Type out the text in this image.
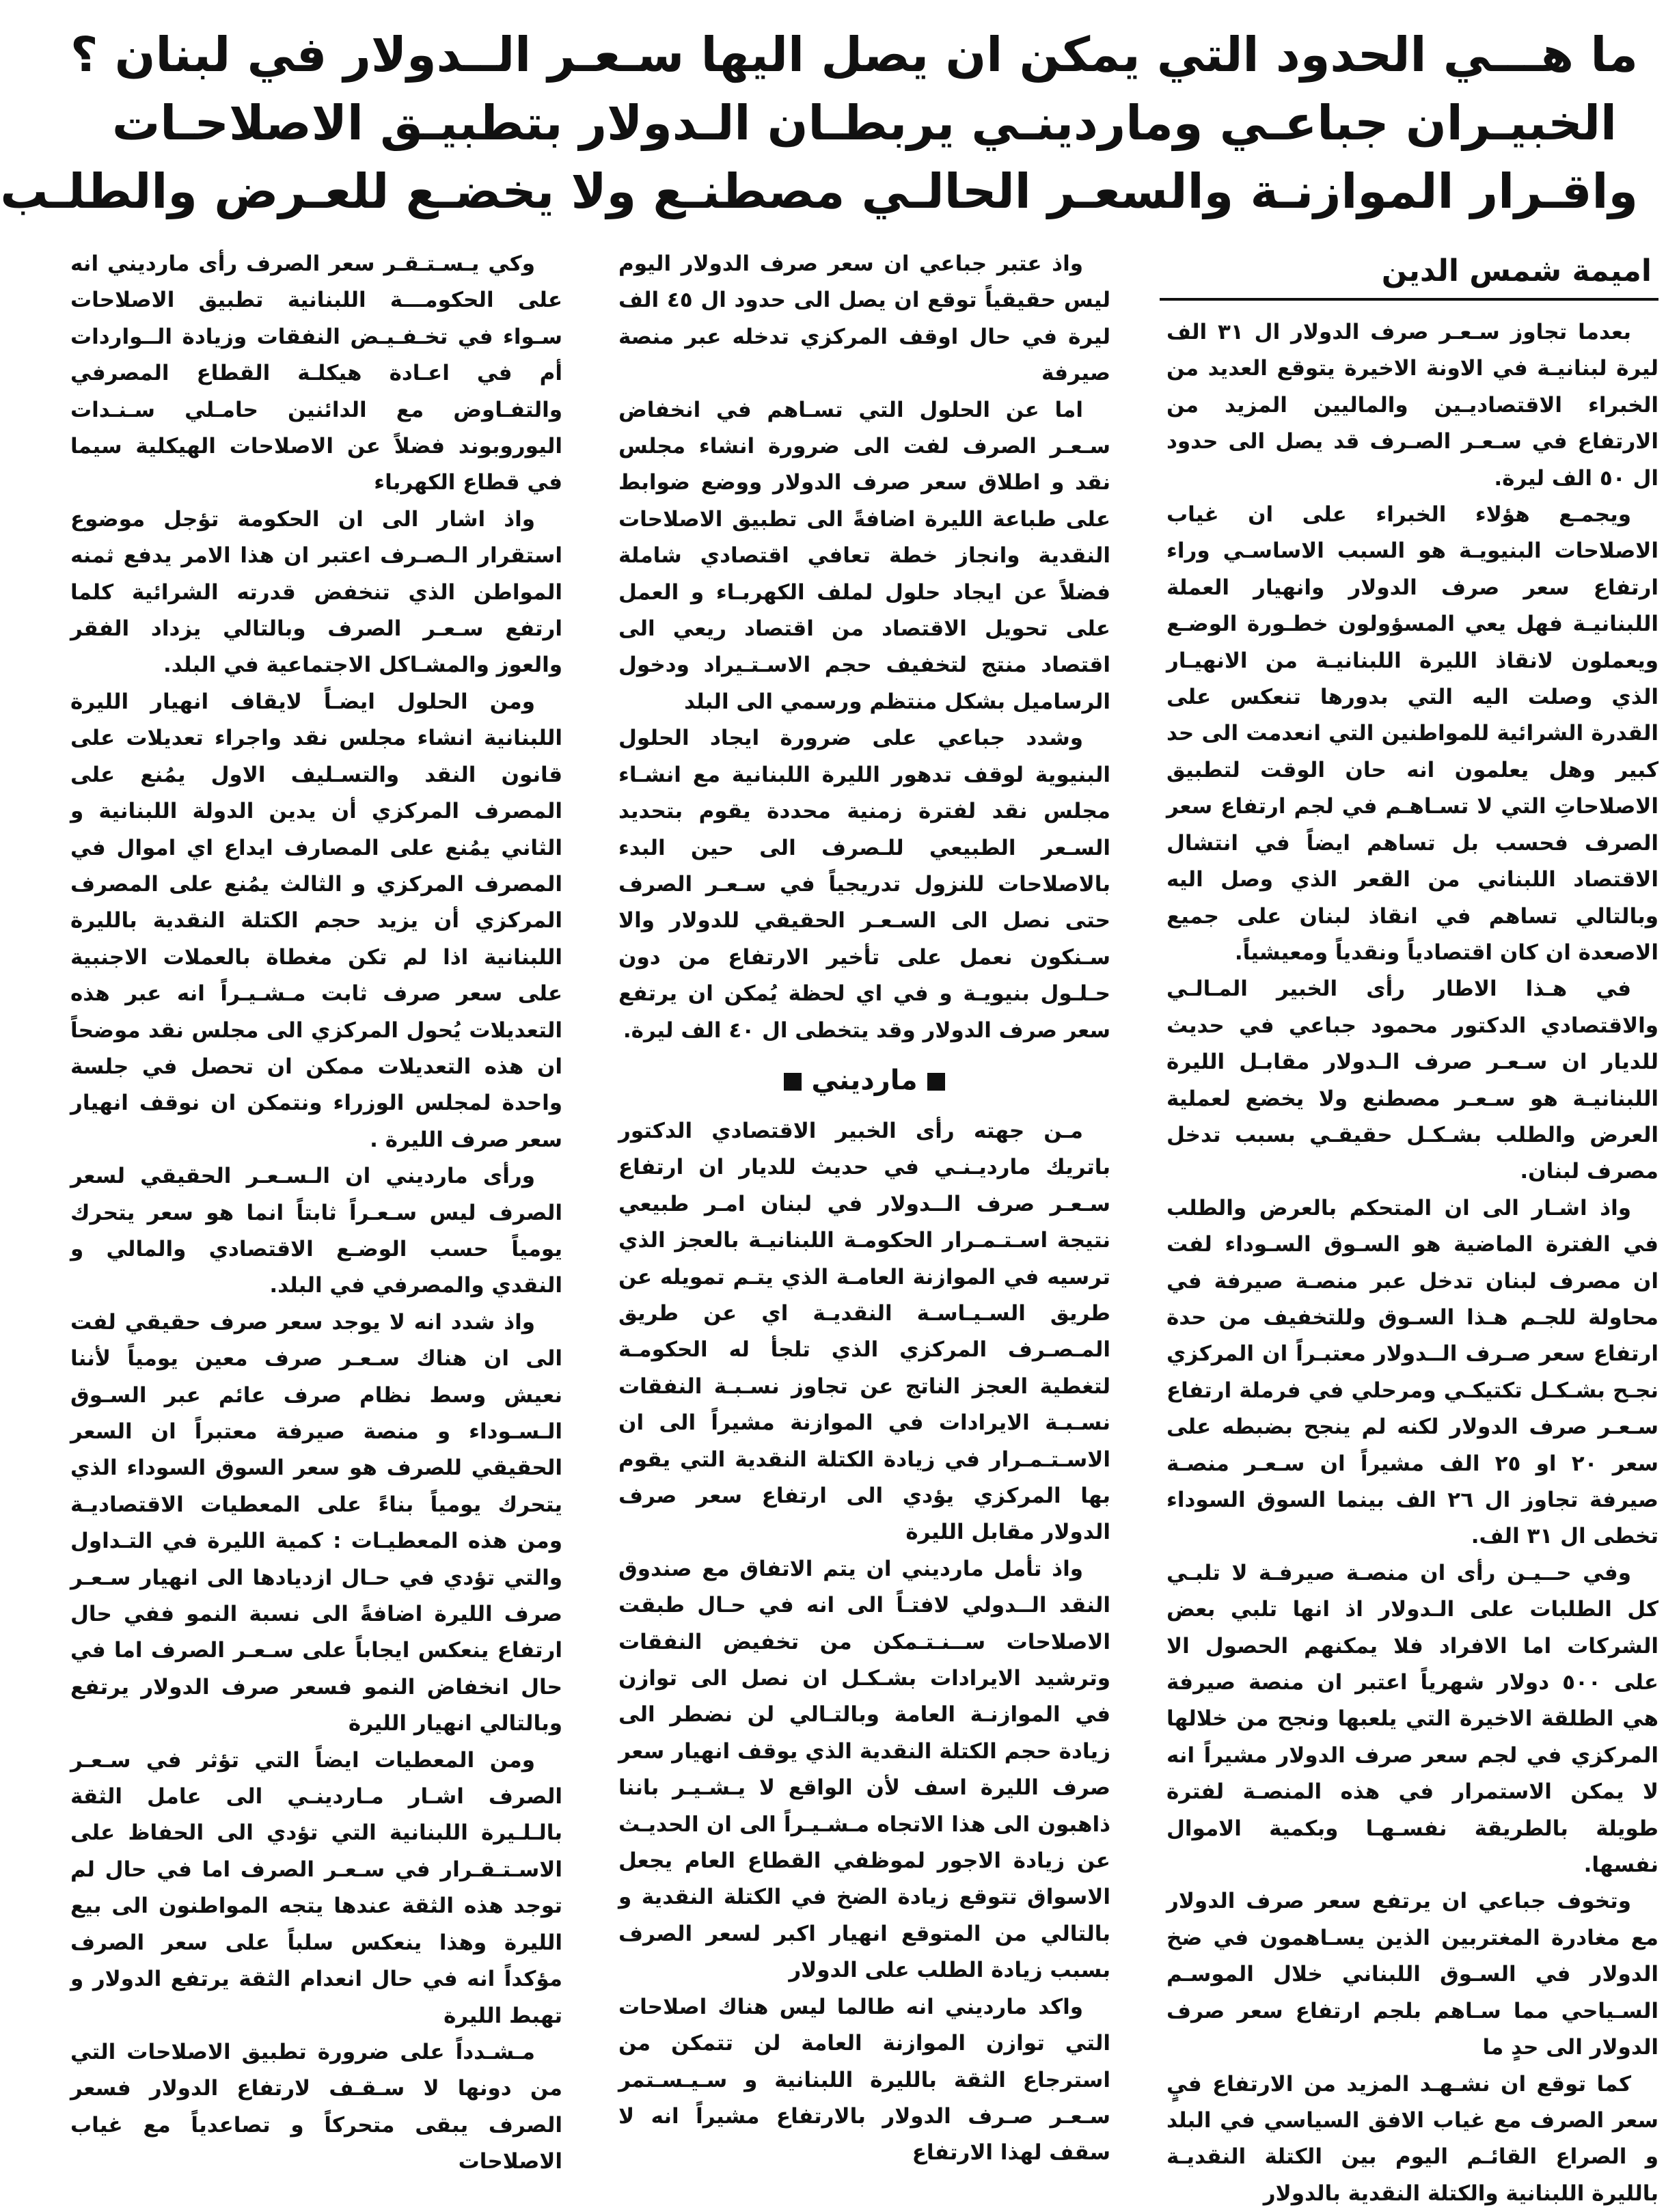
ما هـــي الحدود التي يمكن ان يصل اليها سـعـر الــدولار في لبنان ؟
الخبيـران جباعـي وماردينـي يربطـان الـدولار بتطبيـق الاصلاحـات
واقـرار الموازنـة والسعـر الحالـي مصطنـع ولا يخضـع للعـرض والطلـب
اميمة شمس الدين

بعدما تجاوز سـعـر صرف الدولار ال ٣١ الف ليرة لبنانيـة في الاونة الاخيرة يتوقع العديد من الخبراء الاقتصاديـين والماليين المزيد من الارتفاع في سـعـر الصـرف قد يصل الى حدود ال ٥٠ الف ليرة.

ويجمـع هؤلاء الخبراء على ان غياب الاصلاحات البنيويـة هو السبب الاساسـي وراء ارتفاع سعر صرف الدولار وانهيار العملة اللبنانيـة فهل يعي المسؤولون خطـورة الوضـع ويعملون لانقاذ الليرة اللبنانيـة من الانهيـار الذي وصلت اليه التي بدورها تنعكس على القدرة الشرائية للمواطنين التي انعدمت الى حد كبير وهل يعلمون انه حان الوقت لتطبيق الاصلاحاتِ التي لا تسـاهـم في لجم ارتفاع سعر الصرف فحسب بل تساهم ايضاً في انتشال الاقتصاد اللبناني من القعر الذي وصل اليه وبالتالي تساهم في انقاذ لبنان على جميع الاصعدة ان كان اقتصادياً ونقدياً ومعيشياً.

في هـذا الاطار رأى الخبير المـالـي والاقتصادي الدكتور محمود جباعي في حديث للديار ان سـعـر صرف الـدولار مقابـل الليرة اللبنانيـة هو سـعـر مصطنع ولا يخضع لعملية العرض والطلب بشـكـل حقيقـي بسبب تدخل مصرف لبنان.

واذ اشـار الى ان المتحكم بالعرض والطلب في الفترة الماضية هو السـوق السـوداء لفت ان مصرف لبنان تدخل عبر منصـة صيرفة في محاولة للجـم هـذا السـوق وللتخفيف من حدة ارتفاع سعر صـرف الــدولار معتبـراً ان المركزي نجـح بشـكـل تكتيكـي ومرحلي في فرملة ارتفاع سـعـر صرف الدولار لكنه لم ينجح بضبطه على سعر ٢٠ او ٢٥ الف مشيراً ان سـعـر منصـة صيرفة تجاوز ال ٢٦ الف بينما السوق السوداء تخطى ال ٣١ الف.

وفي حــيـن رأى ان منصـة صيرفـة لا تلبـي كل الطلبات على الـدولار اذ انها تلبي بعض الشركات اما الافراد فلا يمكنهم الحصول الا على ٥٠٠ دولار شهرياً اعتبر ان منصة صيرفة هي الطلقة الاخيرة التي يلعبها ونجح من خلالها المركزي في لجم سعر صرف الدولار مشيراً انه لا يمكن الاستمرار في هذه المنصـة لفترة طويلة بالطريقة نفسـهـا وبكمية الاموال نفسها.

وتخوف جباعي ان يرتفع سعر صرف الدولار مع مغادرة المغتربين الذين يسـاهمون في ضخ الدولار في السـوق اللبناني خلال الموسـم السـياحي مما سـاهم بلجم ارتفاع سعر صرف الدولار الى حدٍ ما

كما توقع ان نشـهـد المزيد من الارتفاع فيٍ سعر الصرف مع غياب الافق السياسي في البلد و الصراع القائـم اليوم بين الكتلة النقديـة بالليرة اللبنانية والكتلة النقدية بالدولار

واذ عتبر جباعي ان سعر صرف الدولار اليوم ليس حقيقياً توقع ان يصل الى حدود ال ٤٥ الف ليرة في حال اوقف المركزي تدخله عبر منصة صيرفة

اما عن الحلول التي تسـاهم في انخفاض سـعـر الصرف لفت الى ضرورة انشاء مجلس نقد و اطلاق سعر صرف الدولار ووضع ضوابط على طباعة الليرة اضافةً الى تطبيق الاصلاحات النقدية وانجاز خطة تعافي اقتصادي شاملة فضلاً عن ايجاد حلول لملف الكهربـاء و العمل على تحويل الاقتصاد من اقتصاد ريعي الى اقتصاد منتج لتخفيف حجم الاسـتـيراد ودخول الرساميل بشكل منتظم ورسمي الى البلد

وشدد جباعي على ضرورة ايجاد الحلول البنيوية لوقف تدهور الليرة اللبنانية مع انشـاء مجلس نقد لفترة زمنية محددة يقوم بتحديد السـعر الطبيعي للـصرف الى حين البدء بالاصلاحات للنزول تدريجياً في سـعـر الصرف حتى نصل الى السـعـر الحقيقي للدولار والا سـنكون نعمل على تأخير الارتفاع من دون حـلـول بنيويـة و في اي لحظة يُمكن ان يرتفع سعر صرف الدولار وقد يتخطى ال ٤٠ الف ليرة.

مارديني

مـن جهته رأى الخبير الاقتصادي الدكتور باتريك مارديـنـي في حديث للديار ان ارتفاع سـعـر صرف الــدولار في لبنان امـر طبيعي نتيجة اسـتـمـرار الحكومـة اللبنانيـة بالعجز الذي ترسيه في الموازنة العامـة الذي يتـم تمويله عن طريق السـيـاسـة النقديـة اي عن طريق المـصـرف المركزي الذي تلجأ له الحكومـة لتغطية العجز الناتج عن تجاوز نسـبـة النفقات نسـبـة الايرادات في الموازنة مشيراً الى ان الاسـتـمـرار في زيادة الكتلة النقدية التي يقوم بها المركزي يؤدي الى ارتفاع سعر صرف الدولار مقابل الليرة

واذ تأمل مارديني ان يتم الاتفاق مع صندوق النقد الــدولي لافتـاً الى انه في حـال طبقت الاصلاحات ســنـتـمكن من تخفيض النفقات وترشيد الايرادات بشـكـل ان نصل الى توازن في الموازنـة العامة وبالتـالي لن نضطر الى زيادة حجم الكتلة النقدية الذي يوقف انهيار سعر صرف الليرة اسف لأن الواقع لا يـشـيـر باننا ذاهبون الى هذا الاتجاه مـشـيـراً الى ان الحديـث عن زيادة الاجور لموظفي القطاع العام يجعل الاسواق تتوقع زيادة الضخ في الكتلة النقدية و بالتالي من المتوقع انهيار اكبر لسعر الصرف بسبب زيادة الطلب على الدولار

واكد مارديني انه طالما ليس هناك اصلاحات التي توازن الموازنة العامة لن تتمكن من استرجاع الثقة بالليرة اللبنانية و سـيـسـتمر سـعـر صـرف الدولار بالارتفاع مشيراً انه لا سقف لهذا الارتفاع

وكي يـسـتـقـر سعر الصرف رأى مارديني انه على الحكومـــة اللبنانية تطبيق الاصلاحات سـواء في تخـفـيـض النفقات وزيادة الــواردات أم في اعـادة هيكلـة القطاع المصرفي والتفـاوض مع الدائنين حامـلي سـنـدات اليوروبوند فضلاً عن الاصلاحات الهيكلية سيما في قطاع الكهرباء

واذ اشار الى ان الحكومة تؤجل موضوع استقرار الـصـرف اعتبر ان هذا الامر يدفع ثمنه المواطن الذي تنخفض قدرته الشرائية كلما ارتفع سـعـر الصرف وبالتالي يزداد الفقر والعوز والمشـاكل الاجتماعية في البلد.

ومن الحلول ايضـاً لايقاف انهيار الليرة اللبنانية انشاء مجلس نقد واجراء تعديلات على قانون النقد والتسـليف الاول يمُنع على المصرف المركزي أن يدين الدولة اللبنانية و الثاني يمُنع على المصارف ايداع اي اموال في المصرف المركزي و الثالث يمُنع على المصرف المركزي أن يزيد حجم الكتلة النقدية بالليرة اللبنانية اذا لم تكن مغطاة بالعملات الاجنبية على سعر صرف ثابت مـشـيـراً انه عبر هذه التعديلات يُحول المركزي الى مجلس نقد موضحاً ان هذه التعديلات ممكن ان تحصل في جلسة واحدة لمجلس الوزراء ونتمكن ان نوقف انهيار سعر صرف الليرة .

ورأى مارديني ان الـسـعـر الحقيقي لسعر الصرف ليس سـعـراً ثابتاً انما هو سعر يتحرك يومياً حسب الوضـع الاقتصادي والمالي و النقدي والمصرفي في البلد.

واذ شدد انه لا يوجد سعر صرف حقيقي لفت الى ان هناك سـعـر صرف معين يومياً لأننا نعيش وسط نظام صرف عائم عبر السـوق الـسـوداء و منصة صيرفة معتبراً ان السعر الحقيقي للصرف هو سعر السوق السوداء الذي يتحرك يومياً بناءً على المعطيات الاقتصاديـة ومن هذه المعطيـات : كمية الليرة في التـداول والتي تؤدي في حـال ازديادها الى انهيار سـعـر صرف الليرة اضافةً الى نسبة النمو ففي حال ارتفاع ينعكس ايجاباً على سـعـر الصرف اما في حال انخفاض النمو فسعر صرف الدولار يرتفع وبالتالي انهيار الليرة

ومن المعطيات ايضاً التي تؤثر في سـعـر الصرف اشـار مـاردينـي الى عامل الثقة بالـلـيرة اللبنانية التي تؤدي الى الحفاظ على الاسـتـقـرار في سـعـر الصرف اما في حال لم توجد هذه الثقة عندها يتجه المواطنون الى بيع الليرة وهذا ينعكس سلباً على سعر الصرف مؤكداً انه في حال انعدام الثقة يرتفع الدولار و تهبط الليرة

مـشـدداً على ضرورة تطبيق الاصلاحات التي من دونها لا سـقـف لارتفاع الدولار فسعر الصرف يبقى متحركاً و تصاعدياً مع غياب الاصلاحات
